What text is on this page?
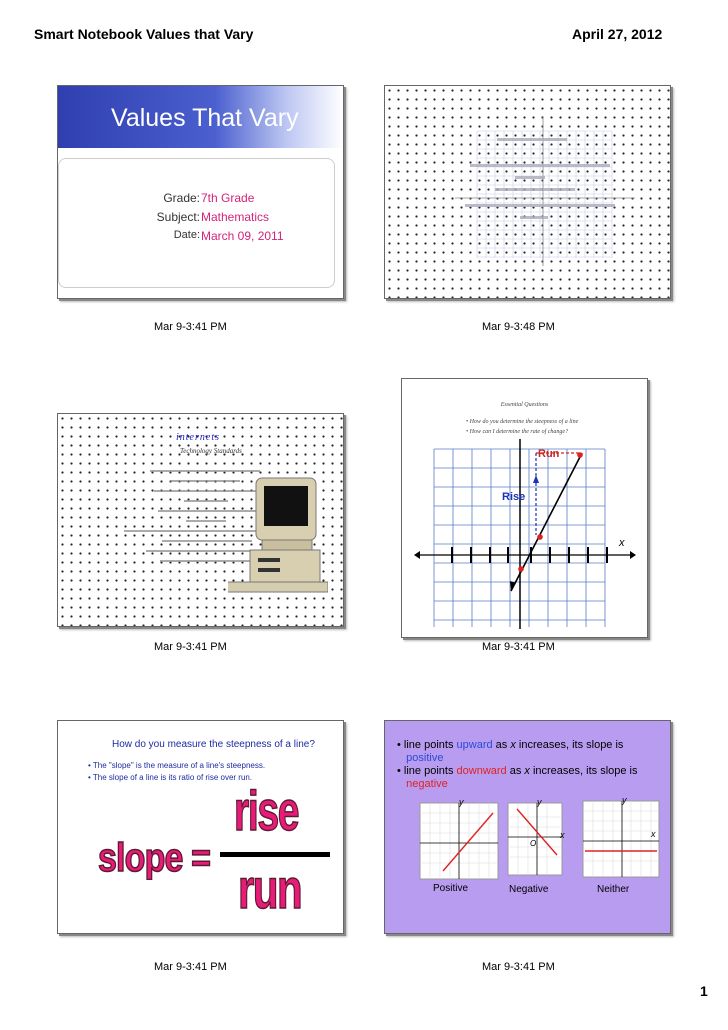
Smart Notebook Values that Vary	April 27, 2012
Values That Vary
Grade: 7th Grade
Subject: Mathematics
Date: March 09, 2011
Mar 9-3:41 PM	Mar 9-3:48 PM
internets
Technology Standards
Mar 9-3:41 PM
Essential Questions
• How do you determine the steepness of a line
• How can I determine the rate of change?
Run
Rise
x
Mar 9-3:41 PM
How do you measure the steepness of a line?
• The "slope" is the measure of a line's steepness.
• The slope of a line is its ratio of rise over run.
slope =
rise
run
Mar 9-3:41 PM
• line points upward as x increases, its slope is
positive
• line points downward as x increases, its slope is
negative
y	y
x
O
y
x
Positive	Negative	Neither
Mar 9-3:41 PM
1
